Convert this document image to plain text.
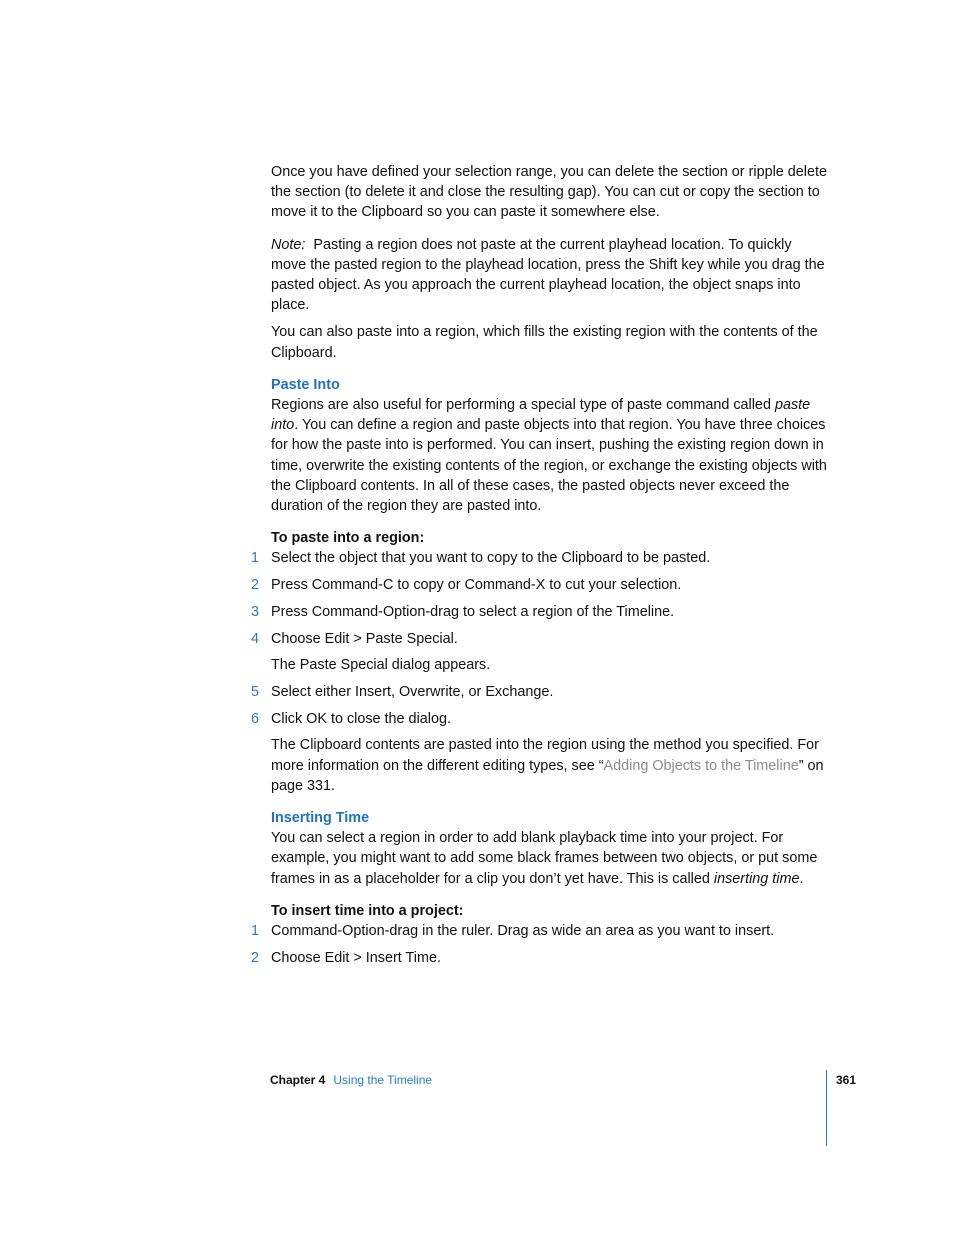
Once you have defined your selection range, you can delete the section or ripple delete the section (to delete it and close the resulting gap). You can cut or copy the section to move it to the Clipboard so you can paste it somewhere else.

Note: Pasting a region does not paste at the current playhead location. To quickly move the pasted region to the playhead location, press the Shift key while you drag the pasted object. As you approach the current playhead location, the object snaps into place.

You can also paste into a region, which fills the existing region with the contents of the Clipboard.

Paste Into

Regions are also useful for performing a special type of paste command called paste into. You can define a region and paste objects into that region. You have three choices for how the paste into is performed. You can insert, pushing the existing region down in time, overwrite the existing contents of the region, or exchange the existing objects with the Clipboard contents. In all of these cases, the pasted objects never exceed the duration of the region they are pasted into.

To paste into a region:

1 Select the object that you want to copy to the Clipboard to be pasted.

2 Press Command-C to copy or Command-X to cut your selection.

3 Press Command-Option-drag to select a region of the Timeline.

4 Choose Edit > Paste Special.

The Paste Special dialog appears.

5 Select either Insert, Overwrite, or Exchange.

6 Click OK to close the dialog.

The Clipboard contents are pasted into the region using the method you specified. For more information on the different editing types, see “Adding Objects to the Timeline” on page 331.

Inserting Time

You can select a region in order to add blank playback time into your project. For example, you might want to add some black frames between two objects, or put some frames in as a placeholder for a clip you don’t yet have. This is called inserting time.

To insert time into a project:

1 Command-Option-drag in the ruler. Drag as wide an area as you want to insert.

2 Choose Edit > Insert Time.

Chapter 4 Using the Timeline	361
